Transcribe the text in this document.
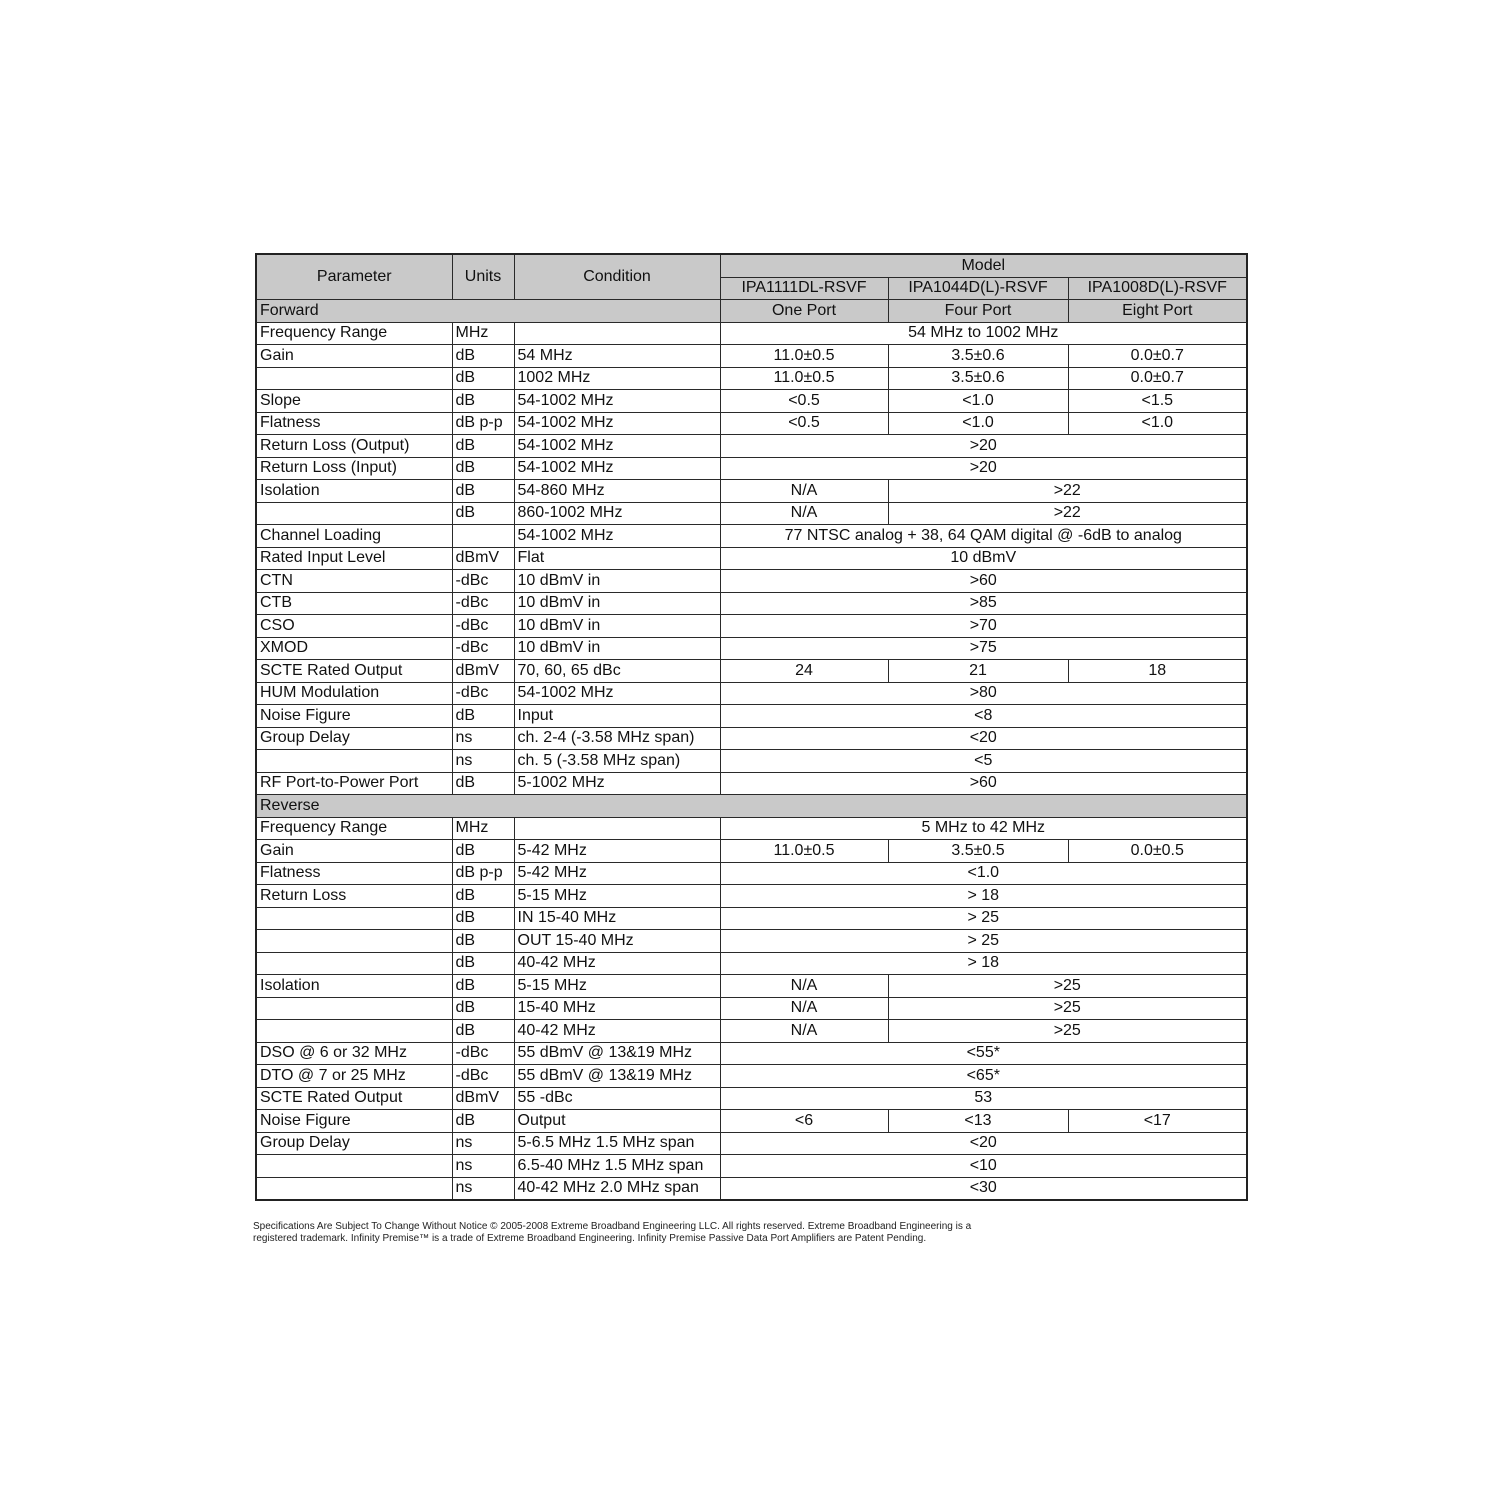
Parameter	Units	Condition	Model		
			IPA1111DL-RSVF	IPA1044D(L)-RSVF	IPA1008D(L)-RSVF
Forward			One Port	Four Port	Eight Port
Frequency Range	MHz		54 MHz to 1002 MHz		
Gain	dB	54 MHz	11.0±0.5	3.5±0.6	0.0±0.7
	dB	1002 MHz	11.0±0.5	3.5±0.6	0.0±0.7
Slope	dB	54-1002 MHz	<0.5	<1.0	<1.5
Flatness	dB p-p	54-1002 MHz	<0.5	<1.0	<1.0
Return Loss (Output)	dB	54-1002 MHz	>20		
Return Loss (Input)	dB	54-1002 MHz	>20		
Isolation	dB	54-860 MHz	N/A	>22	
	dB	860-1002 MHz	N/A	>22	
Channel Loading		54-1002 MHz	77 NTSC analog + 38, 64 QAM digital @ -6dB to analog		
Rated Input Level	dBmV	Flat	10 dBmV		
CTN	-dBc	10 dBmV in	>60		
CTB	-dBc	10 dBmV in	>85		
CSO	-dBc	10 dBmV in	>70		
XMOD	-dBc	10 dBmV in	>75		
SCTE Rated Output	dBmV	70, 60, 65 dBc	24	21	18
HUM Modulation	-dBc	54-1002 MHz	>80		
Noise Figure	dB	Input	<8		
Group Delay	ns	ch. 2-4 (-3.58 MHz span)	<20		
	ns	ch. 5 (-3.58 MHz span)	<5		
RF Port-to-Power Port	dB	5-1002 MHz	>60		
Reverse					
Frequency Range	MHz		5 MHz to 42 MHz		
Gain	dB	5-42 MHz	11.0±0.5	3.5±0.5	0.0±0.5
Flatness	dB p-p	5-42 MHz	<1.0		
Return Loss	dB	5-15 MHz	> 18		
	dB	IN 15-40 MHz	> 25		
	dB	OUT 15-40 MHz	> 25		
	dB	40-42 MHz	> 18		
Isolation	dB	5-15 MHz	N/A	>25	
	dB	15-40 MHz	N/A	>25	
	dB	40-42 MHz	N/A	>25	
DSO @ 6 or 32 MHz	-dBc	55 dBmV @ 13&19 MHz	<55*		
DTO @ 7 or 25 MHz	-dBc	55 dBmV @ 13&19 MHz	<65*		
SCTE Rated Output	dBmV	55 -dBc	53		
Noise Figure	dB	Output	<6	<13	<17
Group Delay	ns	5-6.5 MHz 1.5 MHz span	<20		
	ns	6.5-40 MHz 1.5 MHz span	<10		
	ns	40-42 MHz 2.0 MHz span	<30		
Specifications Are Subject To Change Without Notice © 2005-2008 Extreme Broadband Engineering LLC. All rights reserved. Extreme Broadband Engineering is a
registered trademark. Infinity Premise™ is a trade of Extreme Broadband Engineering. Infinity Premise Passive Data Port Amplifiers are Patent Pending.
